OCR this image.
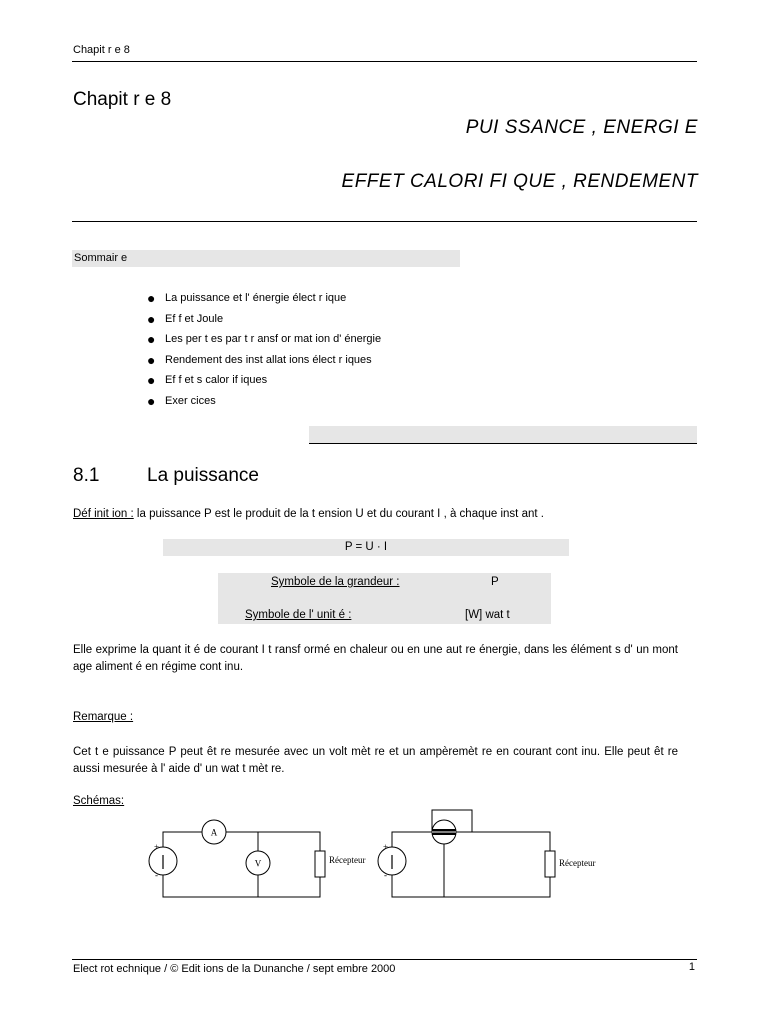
Chapit r e 8
Chapit r e 8
PUI SSANCE , ENERGI E
EFFET CALORI FI QUE , RENDEMENT
Sommair e
● La puissance et l' énergie élect r ique
● Ef f et Joule
● Les per t es par t r ansf or mat ion d' énergie
● Rendement des inst allat ions élect r iques
● Ef f et s calor if iques
● Exer cices
8.1	La puissance
Déf init ion : la puissance P est le produit de la t ension U et du courant I , à chaque inst ant .
P = U · I
Symbole de la grandeur :	P
Symbole de l' unit é :	[W] wat t
Elle exprime la quant it é de courant I t ransf ormé en chaleur ou en une aut re énergie, dans les élément s d' un mont age aliment é en régime cont inu.
Remarque :
Cet t e puissance P peut êt re mesurée avec un volt mèt re et un ampèremèt re en courant cont inu. Elle peut êt re aussi mesurée à l' aide d' un wat t mèt re.
Schémas:
A
V	Récepteur	Récepteur
+
-
+
-
Elect rot echnique / © Edit ions de la Dunanche / sept embre 2000	1
